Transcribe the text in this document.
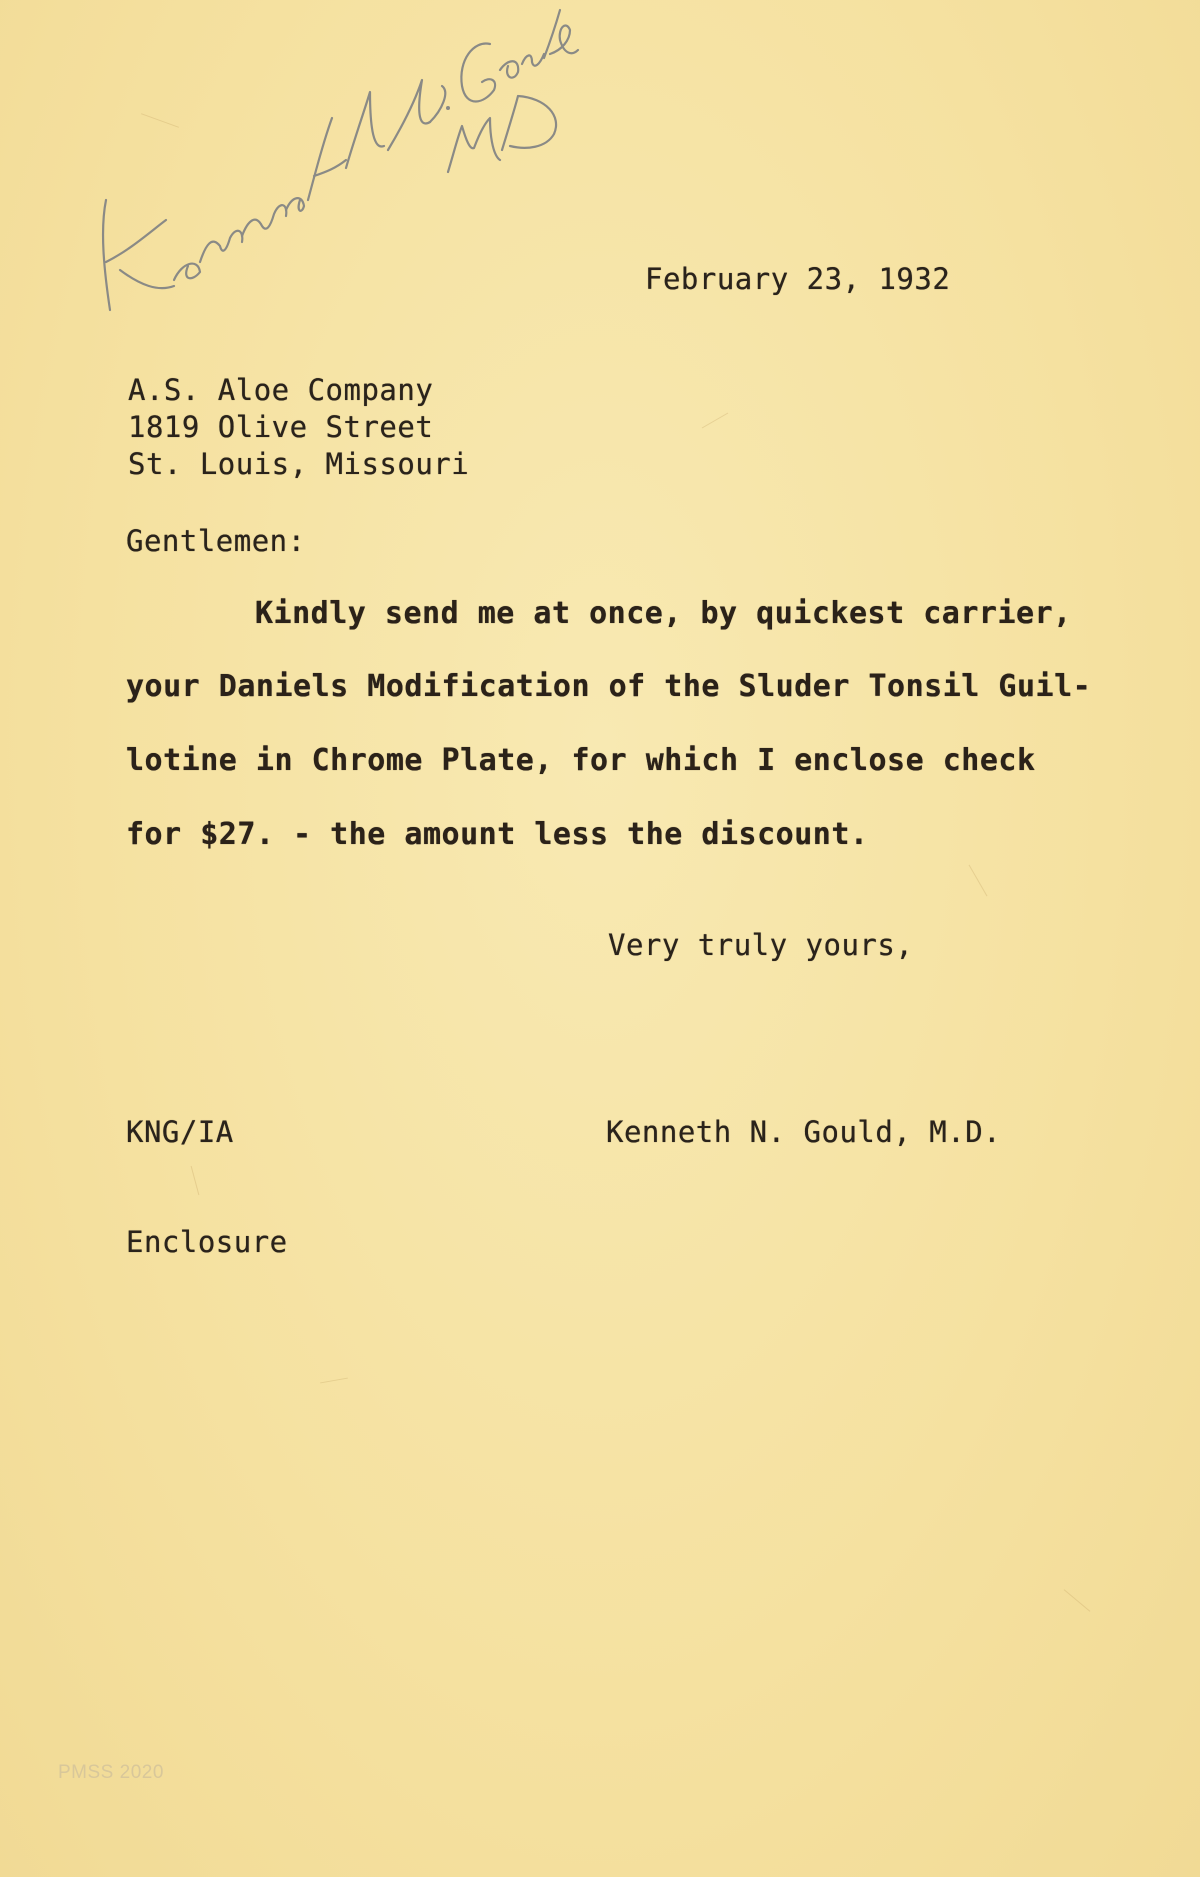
February 23, 1932
A.S. Aloe Company
1819 Olive Street
St. Louis, Missouri
Gentlemen:
Kindly send me at once, by quickest carrier,
your Daniels Modification of the Sluder Tonsil Guil-
lotine in Chrome Plate, for which I enclose check
for $27. - the amount less the discount.
Very truly yours,
KNG/IA	Kenneth N. Gould, M.D.
Enclosure
PMSS 2020
